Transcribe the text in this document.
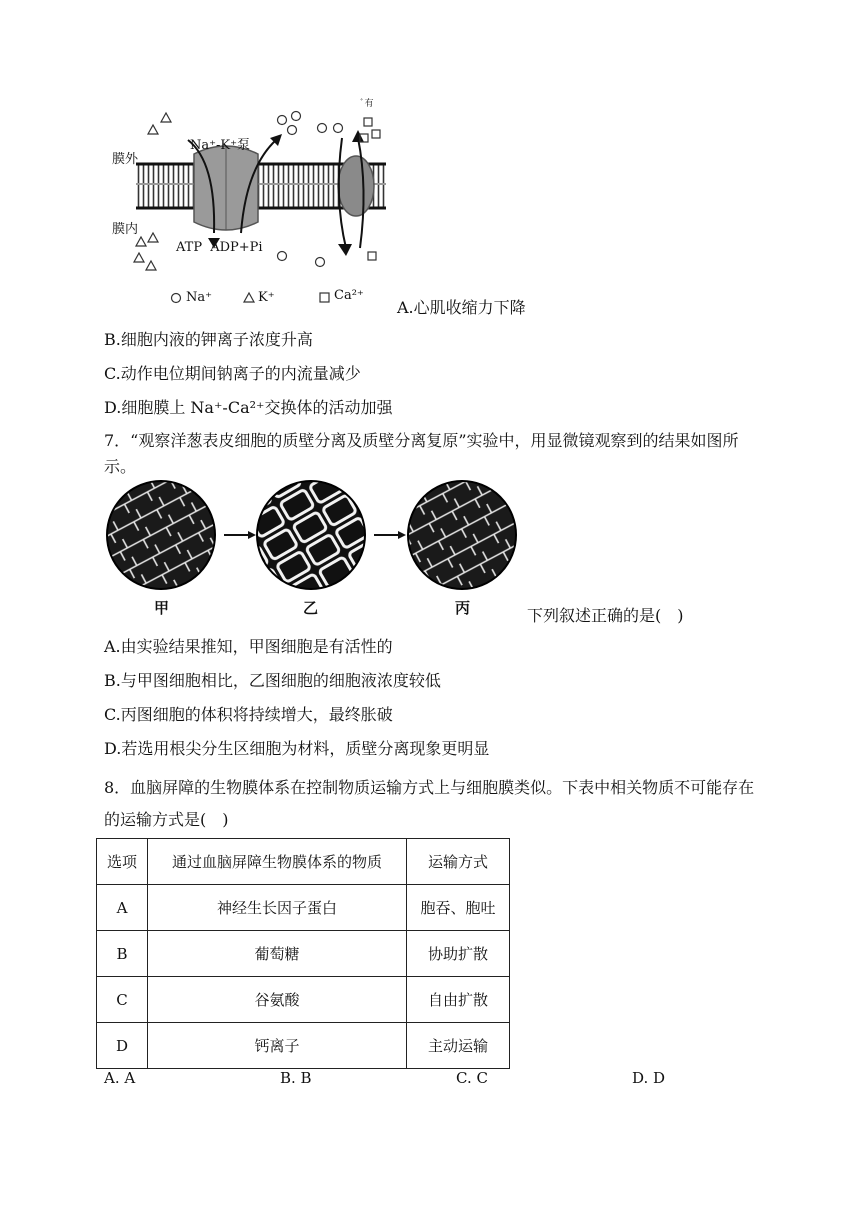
膜外
膜内
Na⁺-K⁺泵
ATP ADP+Pi
ﾞ有
Na⁺	K⁺	Ca²⁺
A.心肌收缩力下降
B.细胞内液的钾离子浓度升高
C.动作电位期间钠离子的内流量减少
D.细胞膜上 Na⁺-Ca²⁺交换体的活动加强
7．“观察洋葱表皮细胞的质壁分离及质壁分离复原”实验中，用显微镜观察到的结果如图所示。
甲	乙	丙	下列叙述正确的是(　)
A.由实验结果推知，甲图细胞是有活性的
B.与甲图细胞相比，乙图细胞的细胞液浓度较低
C.丙图细胞的体积将持续增大，最终胀破
D.若选用根尖分生区细胞为材料，质壁分离现象更明显
8．血脑屏障的生物膜体系在控制物质运输方式上与细胞膜类似。下表中相关物质不可能存在的运输方式是(　)
选项	通过血脑屏障生物膜体系的物质	运输方式
A	神经生长因子蛋白	胞吞、胞吐
B	葡萄糖	协助扩散
C	谷氨酸	自由扩散
D	钙离子	主动运输
A. A	B. B	C. C	D. D
